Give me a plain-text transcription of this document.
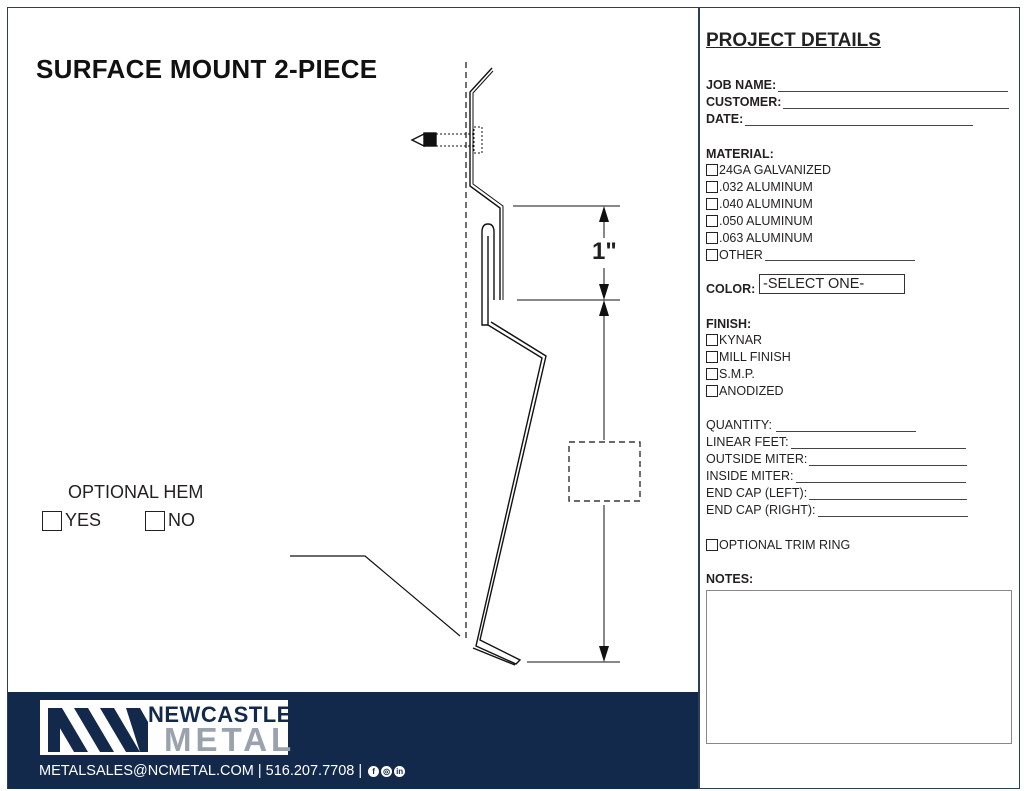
SURFACE MOUNT 2-PIECE
1"
OPTIONAL HEM
YES	NO
NEWCASTLE
METAL
METALSALES@NCMETAL.COM | 516.207.7708 |	f	◎ in
PROJECT DETAILS
JOB NAME:
CUSTOMER:
DATE:
MATERIAL:
24GA GALVANIZED
.032 ALUMINUM
.040 ALUMINUM
.050 ALUMINUM
.063 ALUMINUM
OTHER
COLOR: -SELECT ONE-
FINISH:
KYNAR
MILL FINISH
S.M.P.
ANODIZED
QUANTITY:
LINEAR FEET:
OUTSIDE MITER:
INSIDE MITER:
END CAP (LEFT):
END CAP (RIGHT):
OPTIONAL TRIM RING
NOTES:
